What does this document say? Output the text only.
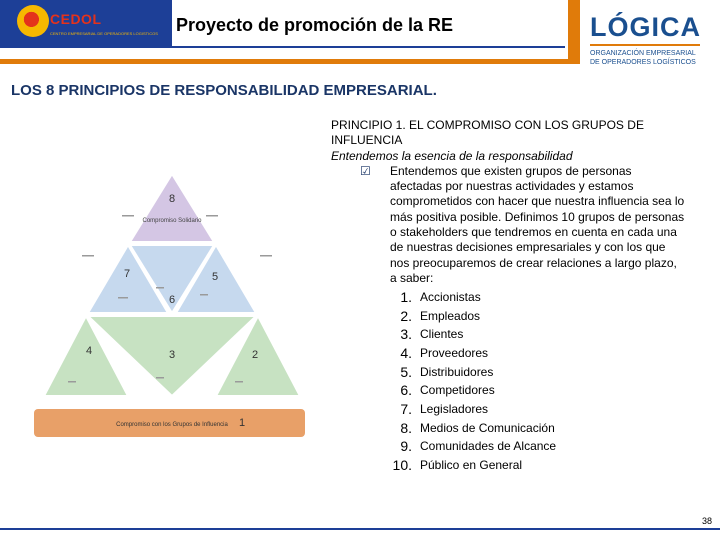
CEDOL
CENTRO EMPRESARIAL DE OPERADORES LOGISTICOS Proyecto de promoción de la RE	LÓGICA
ORGANIZACIÓN EMPRESARIAL DE OPERADORES LOGÍSTICOS
LOS 8 PRINCIPIOS DE RESPONSABILIDAD EMPRESARIAL.
8
Compromiso Solidario
7	5
6
4	3	2
Compromiso con los Grupos de Influencia 1
PRINCIPIO 1. EL COMPROMISO CON LOS GRUPOS DE INFLUENCIA
Entendemos la esencia de la responsabilidad
☑ Entendemos que existen grupos de personas afectadas por nuestras actividades y estamos comprometidos con hacer que nuestra influencia sea lo más positiva posible. Definimos 10 grupos de personas o stakeholders que tendremos en cuenta en cada una de nuestras decisiones empresariales y con los que nos preocuparemos de crear relaciones a largo plazo, a saber:
1. Accionistas
2. Empleados
3. Clientes
4. Proveedores
5. Distribuidores
6. Competidores
7. Legisladores
8. Medios de Comunicación
9. Comunidades de Alcance
10. Público en General
38
